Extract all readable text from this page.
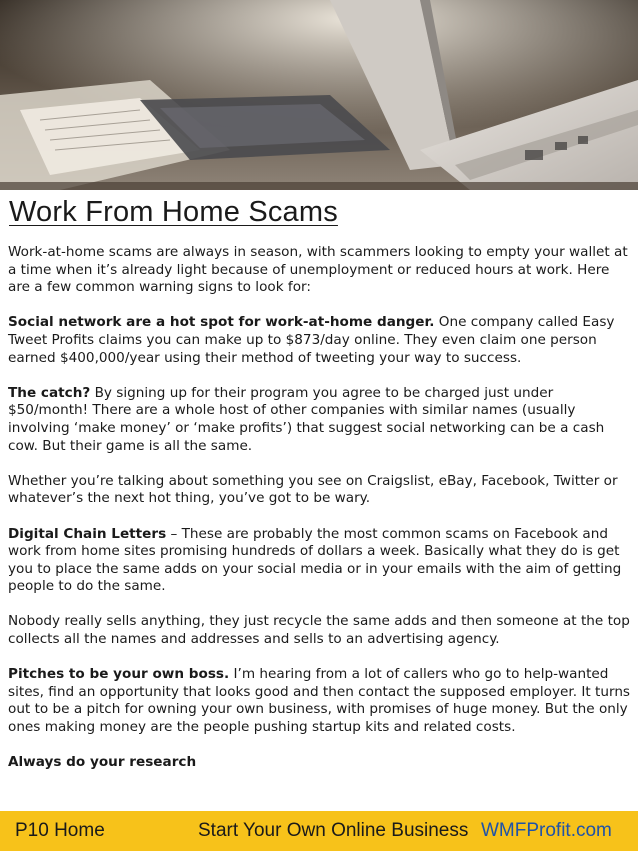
Work From Home Scams

Work-at-home scams are always in season, with scammers looking to empty your wallet at a time when it’s already light because of unemployment or reduced hours at work. Here are a few common warning signs to look for:

Social network are a hot spot for work-at-home danger. One company called Easy Tweet Profits claims you can make up to $873/day online. They even claim one person earned $400,000/year using their method of tweeting your way to success.

The catch? By signing up for their program you agree to be charged just under $50/month! There are a whole host of other companies with similar names (usually involving ‘make money’ or ‘make profits’) that suggest social networking can be a cash cow. But their game is all the same.

Whether you’re talking about something you see on Craigslist, eBay, Facebook, Twitter or whatever’s the next hot thing, you’ve got to be wary.

Digital Chain Letters – These are probably the most common scams on Facebook and work from home sites promising hundreds of dollars a week. Basically what they do is get you to place the same adds on your social media or in your emails with the aim of getting people to do the same.

Nobody really sells anything, they just recycle the same adds and then someone at the top collects all the names and addresses and sells to an advertising agency.

Pitches to be your own boss. I’m hearing from a lot of callers who go to help-wanted sites, find an opportunity that looks good and then contact the supposed employer. It turns out to be a pitch for owning your own business, with promises of huge money. But the only ones making money are the people pushing startup kits and related costs.

Always do your research

P10 Home	Start Your Own Online Business WMFProfit.com
